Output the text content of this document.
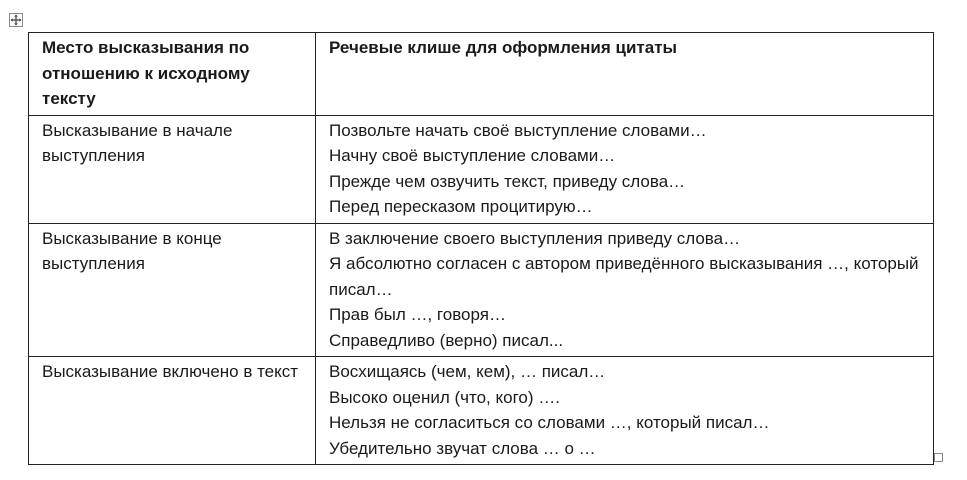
Место высказывания по отношению к исходному тексту	Речевые клише для оформления цитаты
Высказывание в начале выступления	Позвольте начать своё выступление словами…
Начну своё выступление словами…
Прежде чем озвучить текст, приведу слова…
Перед пересказом процитирую…

Высказывание в конце выступления	В заключение своего выступления приведу слова…
Я абсолютно согласен с автором приведённого высказывания …, который писал…
Прав был …, говоря…
Справедливо (верно) писал...

Высказывание включено в текст	Восхищаясь (чем, кем), … писал…
Высоко оценил (что, кого) ….
Нельзя не согласиться со словами …, который писал…
Убедительно звучат слова … о …
